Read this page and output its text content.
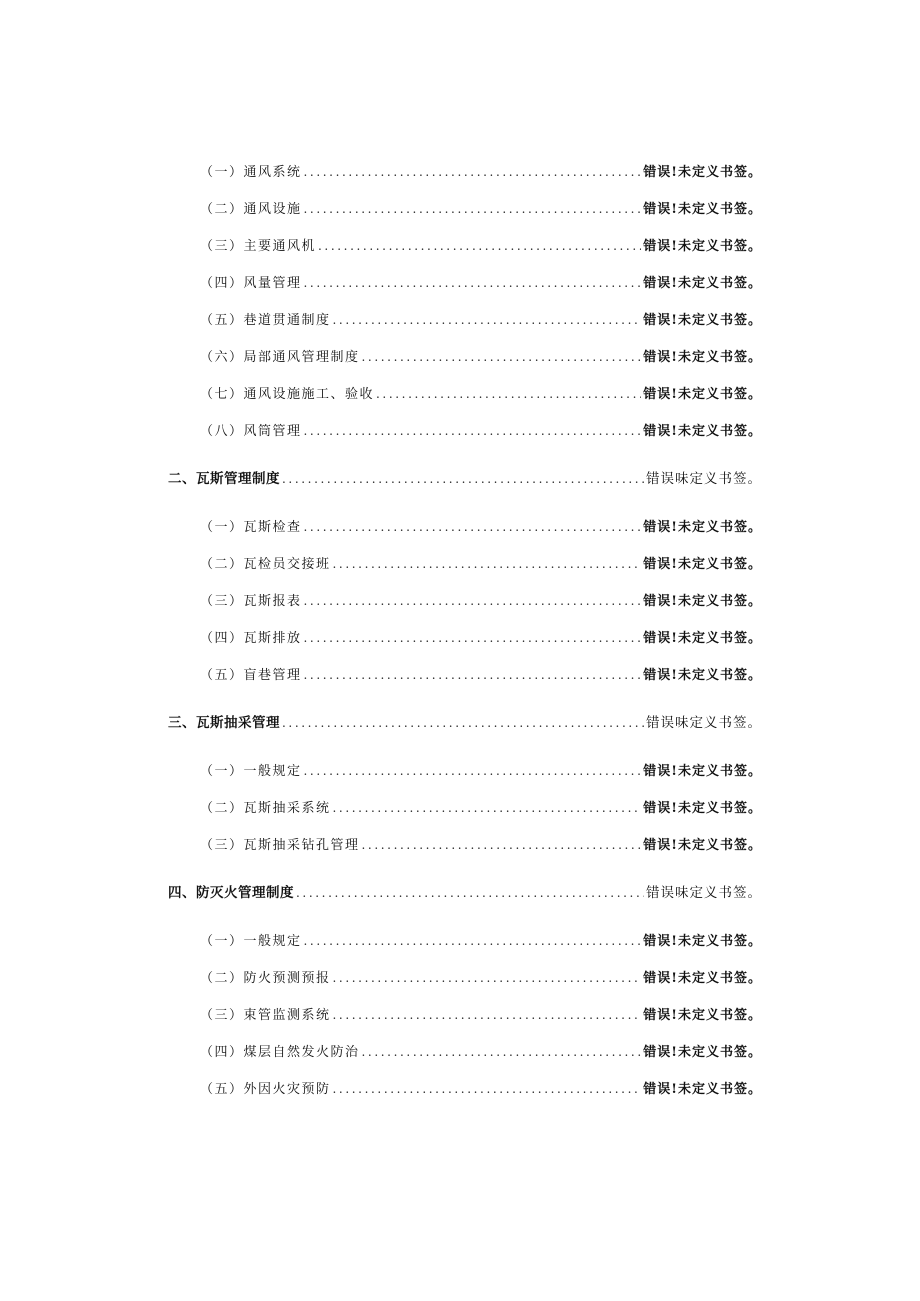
（一）通风系统 .....	错误!未定义书签。
（二）通风设施 .....	错误!未定义书签。
（三）主要通风机 .....	错误!未定义书签。
（四）风量管理 .....	错误!未定义书签。
（五）巷道贯通制度 .....	错误!未定义书签。
（六）局部通风管理制度 .....	错误!未定义书签。
（七）通风设施施工、验收 .....	错误!未定义书签。
（八）风筒管理 .....	错误!未定义书签。
二、瓦斯管理制度 .....	错误味定义书签。
（一）瓦斯检查 .....	错误!未定义书签。
（二）瓦检员交接班 .....	错误!未定义书签。
（三）瓦斯报表 .....	错误!未定义书签。
（四）瓦斯排放 .....	错误!未定义书签。
（五）盲巷管理 .....	错误!未定义书签。
三、瓦斯抽采管理 .....	错误味定义书签。
（一）一般规定 .....	错误!未定义书签。
（二）瓦斯抽采系统 .....	错误!未定义书签。
（三）瓦斯抽采钻孔管理 .....	错误!未定义书签。
四、防灭火管理制度 .....	错误味定义书签。
（一）一般规定 .....	错误!未定义书签。
（二）防火预测预报 .....	错误!未定义书签。
（三）束管监测系统 .....	错误!未定义书签。
（四）煤层自然发火防治 .....	错误!未定义书签。
（五）外因火灾预防 .....	错误!未定义书签。
